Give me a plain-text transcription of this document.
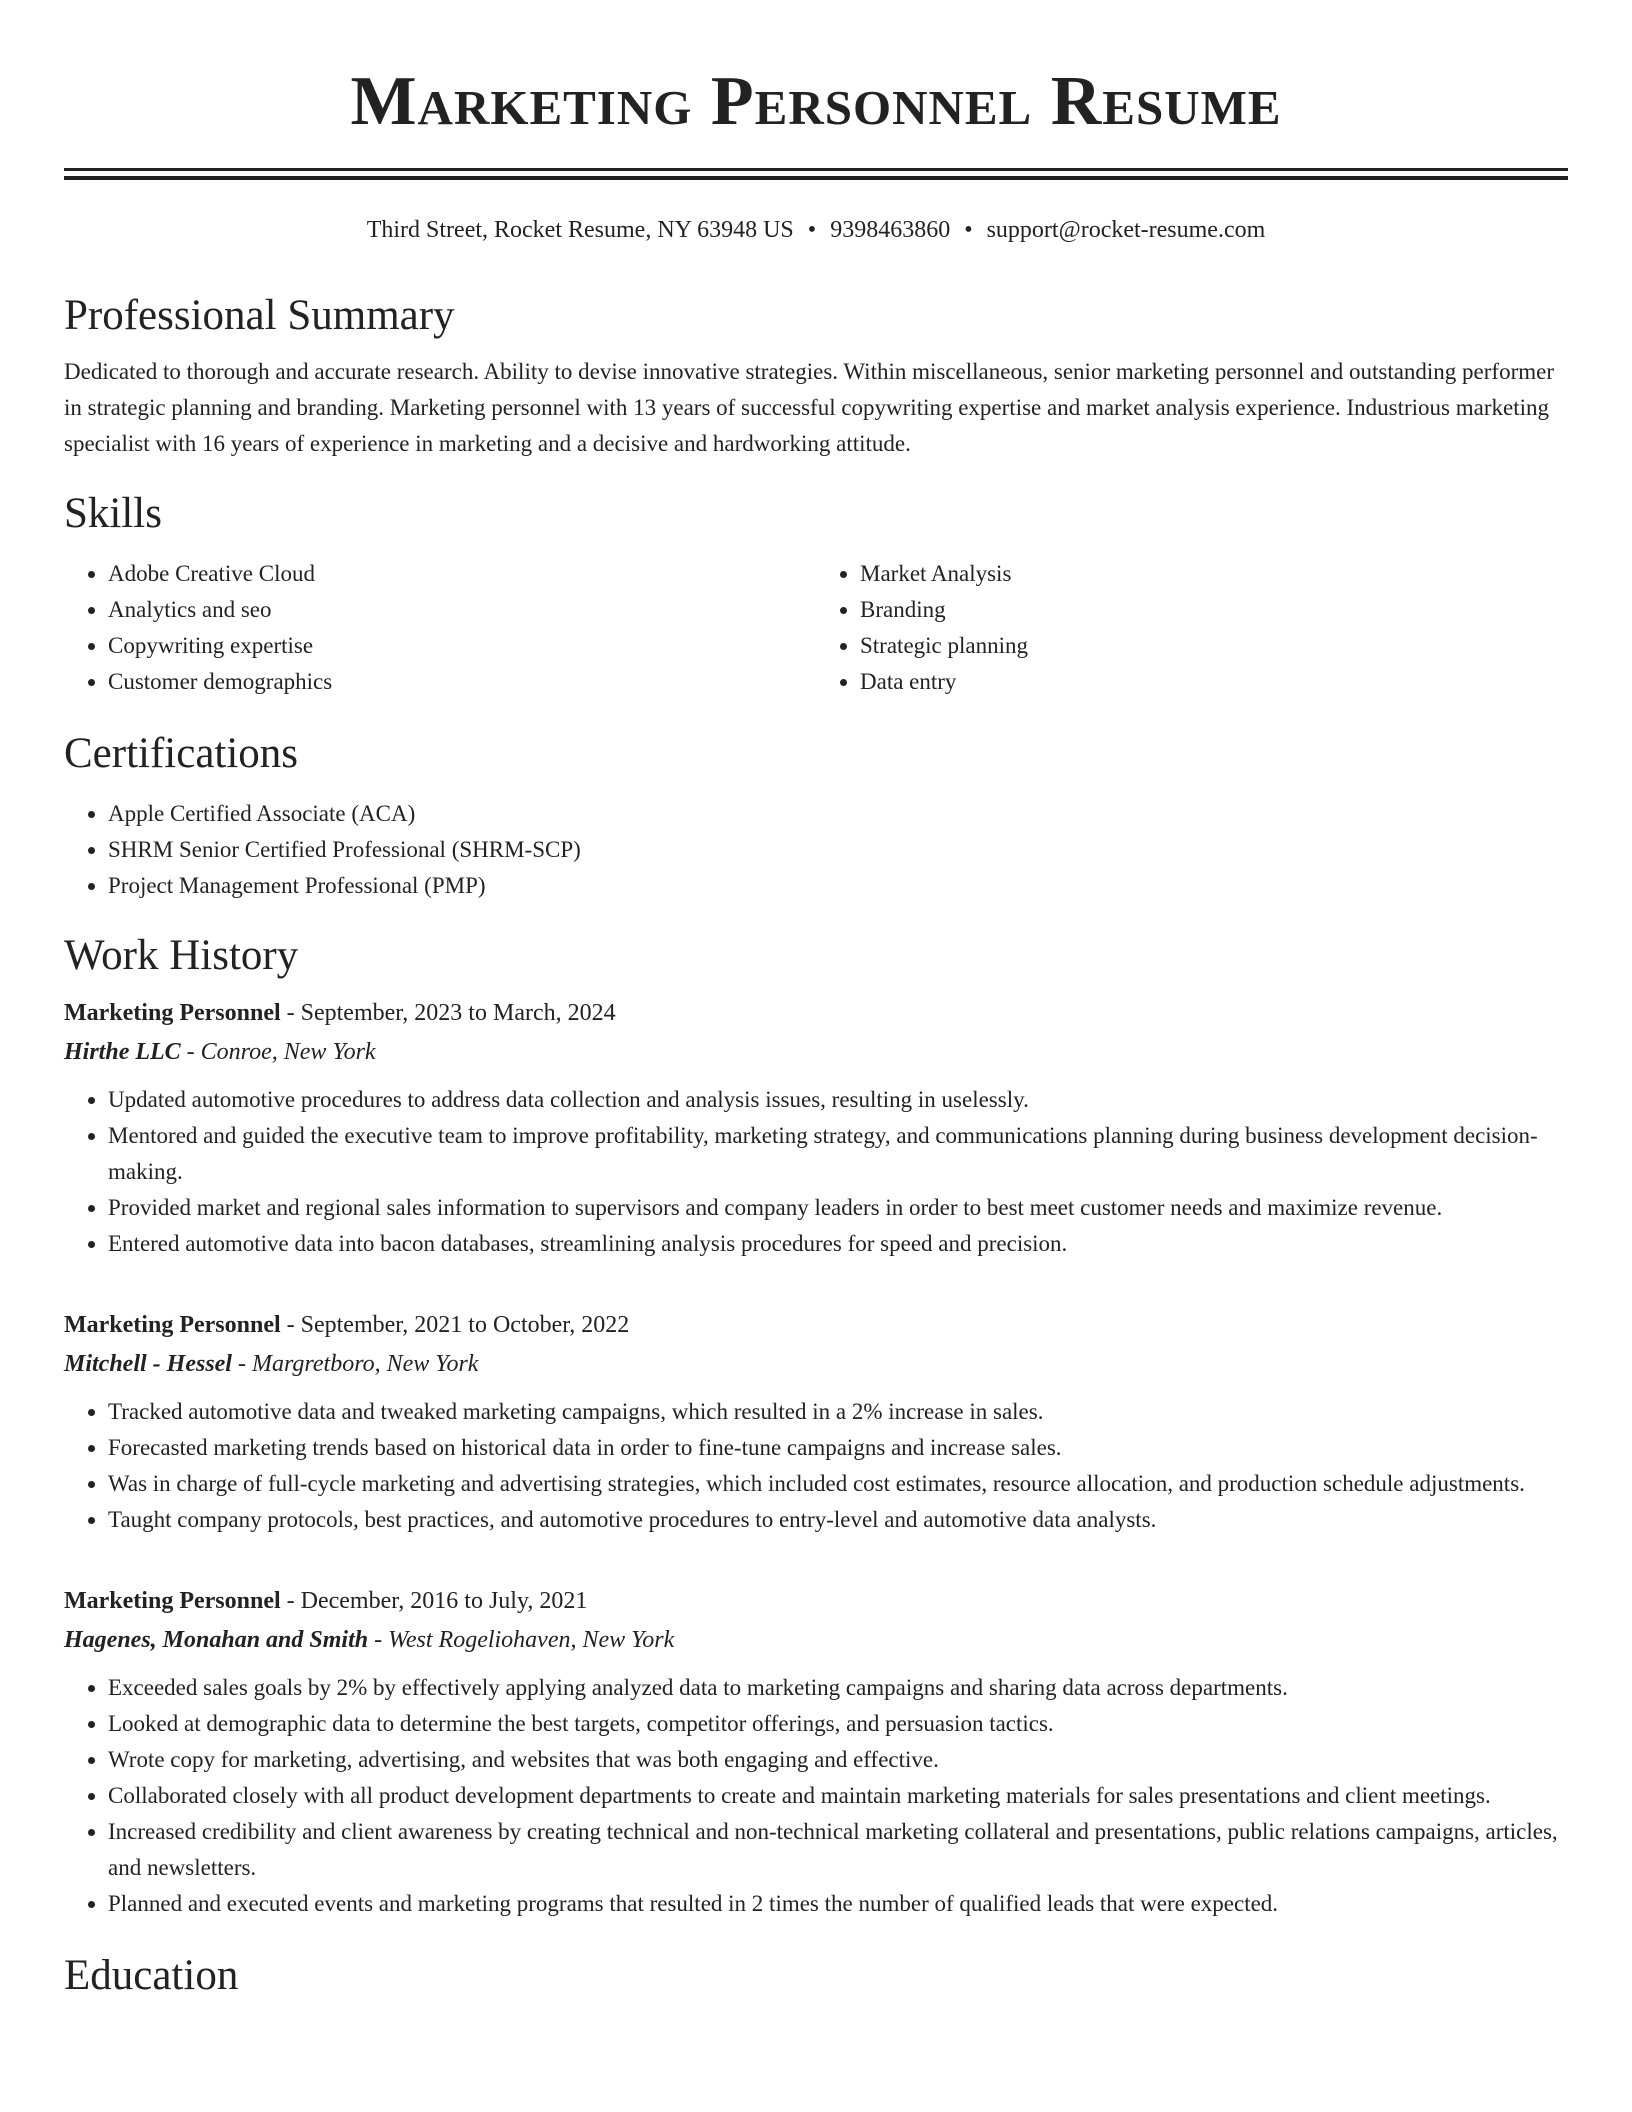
Marketing Personnel Resume
Third Street, Rocket Resume, NY 63948 US • 9398463860 • support@rocket-resume.com
Professional Summary

Dedicated to thorough and accurate research. Ability to devise innovative strategies. Within miscellaneous, senior marketing personnel and outstanding performer in strategic planning and branding. Marketing personnel with 13 years of successful copywriting expertise and market analysis experience. Industrious marketing specialist with 16 years of experience in marketing and a decisive and hardworking attitude.

Skills
• Adobe Creative Cloud
• Analytics and seo
• Copywriting expertise
• Customer demographics
• Market Analysis
• Branding
• Strategic planning
• Data entry
Certifications
• Apple Certified Associate (ACA)
• SHRM Senior Certified Professional (SHRM-SCP)
• Project Management Professional (PMP)
Work History
Marketing Personnel - September, 2023 to March, 2024
Hirthe LLC - Conroe, New York
• Updated automotive procedures to address data collection and analysis issues, resulting in uselessly.
• Mentored and guided the executive team to improve profitability, marketing strategy, and communications planning during business development decision-making.
• Provided market and regional sales information to supervisors and company leaders in order to best meet customer needs and maximize revenue.
• Entered automotive data into bacon databases, streamlining analysis procedures for speed and precision.
Marketing Personnel - September, 2021 to October, 2022
Mitchell - Hessel - Margretboro, New York
• Tracked automotive data and tweaked marketing campaigns, which resulted in a 2% increase in sales.
• Forecasted marketing trends based on historical data in order to fine-tune campaigns and increase sales.
• Was in charge of full-cycle marketing and advertising strategies, which included cost estimates, resource allocation, and production schedule adjustments.
• Taught company protocols, best practices, and automotive procedures to entry-level and automotive data analysts.
Marketing Personnel - December, 2016 to July, 2021
Hagenes, Monahan and Smith - West Rogeliohaven, New York
• Exceeded sales goals by 2% by effectively applying analyzed data to marketing campaigns and sharing data across departments.
• Looked at demographic data to determine the best targets, competitor offerings, and persuasion tactics.
• Wrote copy for marketing, advertising, and websites that was both engaging and effective.
• Collaborated closely with all product development departments to create and maintain marketing materials for sales presentations and client meetings.
• Increased credibility and client awareness by creating technical and non-technical marketing collateral and presentations, public relations campaigns, articles, and newsletters.
• Planned and executed events and marketing programs that resulted in 2 times the number of qualified leads that were expected.
Education
